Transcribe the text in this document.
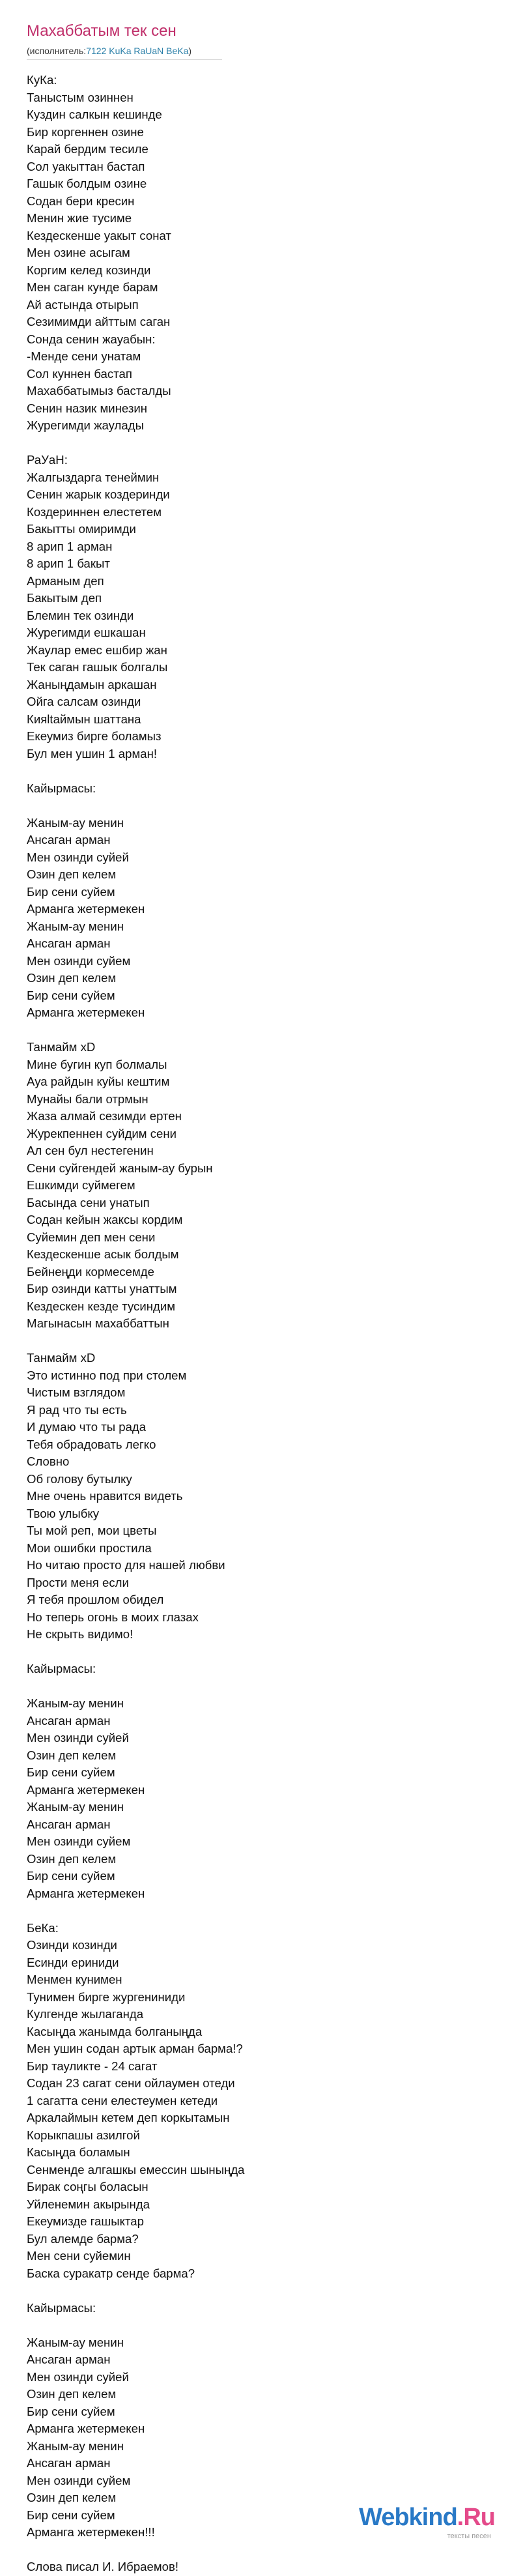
Махаббатым тек сен
(исполнитель:7122 KuKa RaUaN BeKa)
КуКа:
Таныстым озиннен
Куздин салкын кешинде
Бир коргеннен озине
Карай бердим тесиле
Сол уакыттан бастап
Гашык болдым озине
Содан бери кресин
Менин жие тусиме
Кездескенше уакыт сонат
Мен озине асыгам
Коргим келед козинди
Мен саган кунде барам
Ай астында отырып
Сезимимди айттым саган
Сонда сенин жауабын:
-Менде сени унатам
Сол куннен бастап
Махаббатымыз басталды
Сенин назик минезин
Журегимди жаулады
РаУаН:
Жалгыздарга тенеймин
Сенин жарык коздеринди
Коздериннен елестетем
Бакытты омиримди
8 арип 1 арман
8 арип 1 бакыт
Арманым деп
Бакытым деп
Блемин тек озинди
Журегимди ешкашан
Жаулар емес ешбир жан
Тек саган гашык болгалы
Жаныңдамын аркашан
Ойга салсам озинди
Кияltаймын шаттана
Екеумиз бирге боламыз
Бул мен ушин 1 арман!
Кайырмасы:
Жаным-ау менин
Ансаган арман
Мен озинди суйей
Озин деп келем
Бир сени суйем
Арманга жетермекен
Жаным-ау менин
Ансаган арман
Мен озинди суйем
Озин деп келем
Бир сени суйем
Арманга жетермекен
Танмайм xD
Мине бугин куп болмалы
Ауа райдын куйы кештим
Мунайы бали отрмын
Жаза алмай сезимди ертен
Журекпеннен суйдим сени
Ал сен бул нестегенин
Сени суйгендей жаным-ау бурын
Ешкимди суймегем
Басында сени унатып
Содан кейын жаксы кордим
Суйемин деп мен сени
Кездескенше асык болдым
Бейнеңди кормесемде
Бир озинди катты унаттым
Кездескен кезде тусиндим
Магынасын махаббаттын
Танмайм xD
Это истинно под при столем
Чистым взглядом
Я рад что ты есть
И думаю что ты рада
Тебя обрадовать легко
Словно
Об голову бутылку
Мне очень нравится видеть
Твою улыбку
Ты мой реп, мои цветы
Мои ошибки простила
Но читаю просто для нашей любви
Прости меня если
Я тебя прошлом обидел
Но теперь огонь в моих глазах
Не скрыть видимо!
Кайырмасы:
Жаным-ау менин
Ансаган арман
Мен озинди суйей
Озин деп келем
Бир сени суйем
Арманга жетермекен
Жаным-ау менин
Ансаган арман
Мен озинди суйем
Озин деп келем
Бир сени суйем
Арманга жетермекен
БеКа:
Озинди козинди
Есинди ериниди
Менмен кунимен
Тунимен бирге жургениниди
Кулгенде жылаганда
Касыңда жанымда болганыңда
Мен ушин содан артык арман барма!?
Бир тауликте - 24 сагат
Содан 23 сагат сени ойлаумен отеди
1 сагатта сени елестеумен кетеди
Аркалаймын кетем деп коркытамын
Корыкпашы азилгой
Касыңда боламын
Сенменде алгашкы емессин шыныңда
Бирак соңгы боласын
Уйленемин акырында
Екеумизде гашыктар
Бул алемде барма?
Мен сени суйемин
Баска суракатр сенде барма?
Кайырмасы:
Жаным-ау менин
Ансаган арман
Мен озинди суйей
Озин деп келем
Бир сени суйем
Арманга жетермекен
Жаным-ау менин
Ансаган арман
Мен озинди суйем
Озин деп келем
Бир сени суйем
Арманга жетермекен!!!
Слова писал И. Ибраемов!
Webkind.Ru
тексты песен
